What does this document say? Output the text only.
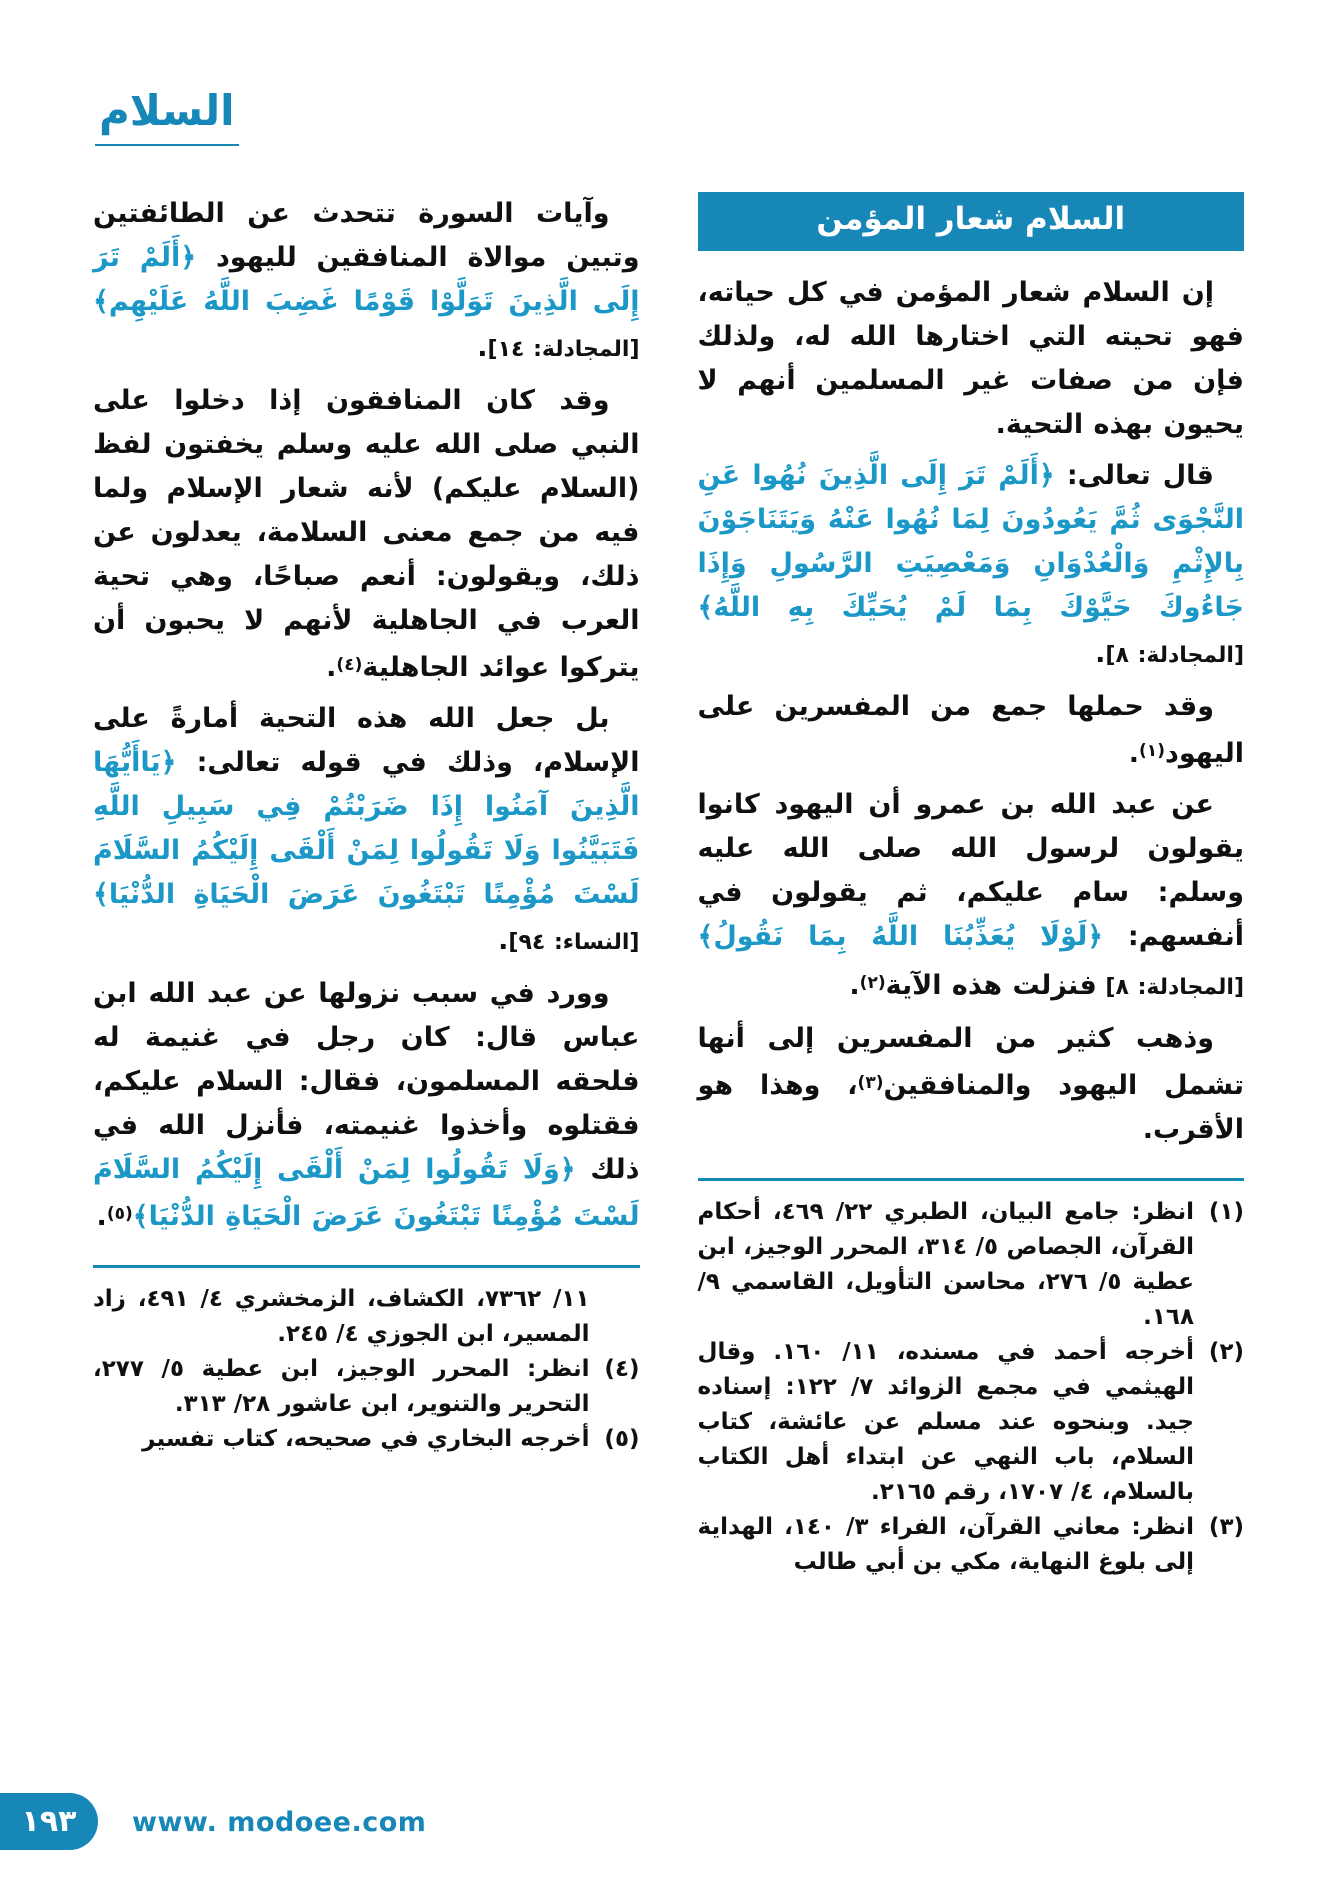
السلام
السلام شعار المؤمن

إن السلام شعار المؤمن في كل حياته، فهو تحيته التي اختارها الله له، ولذلك فإن من صفات غير المسلمين أنهم لا يحيون بهذه التحية.

قال تعالى: ﴿أَلَمْ تَرَ إِلَى الَّذِينَ نُهُوا عَنِ النَّجْوَى ثُمَّ يَعُودُونَ لِمَا نُهُوا عَنْهُ وَيَتَنَاجَوْنَ بِالإِثْمِ وَالْعُدْوَانِ وَمَعْصِيَتِ الرَّسُولِ وَإِذَا جَاءُوكَ حَيَّوْكَ بِمَا لَمْ يُحَيِّكَ بِهِ اللَّهُ﴾ [المجادلة: ٨].

وقد حملها جمع من المفسرين على اليهود$^{(١)}$.

عن عبد الله بن عمرو أن اليهود كانوا يقولون لرسول الله صلى الله عليه وسلم: سام عليكم، ثم يقولون في أنفسهم: ﴿لَوْلَا يُعَذِّبُنَا اللَّهُ بِمَا نَقُولُ﴾ [المجادلة: ٨] فنزلت هذه الآية$^{(٢)}$.

وذهب كثير من المفسرين إلى أنها تشمل اليهود والمنافقين$^{(٣)}$، وهذا هو الأقرب.

(١)
انظر: جامع البيان، الطبري ٢٢/ ٤٦٩، أحكام القرآن، الجصاص ٥/ ٣١٤، المحرر الوجيز، ابن عطية ٥/ ٢٧٦، محاسن التأويل، القاسمي ٩/ ١٦٨.
(٢)
أخرجه أحمد في مسنده، ١١/ ١٦٠. وقال الهيثمي في مجمع الزوائد ٧/ ١٢٢: إسناده جيد. وبنحوه عند مسلم عن عائشة، كتاب السلام، باب النهي عن ابتداء أهل الكتاب بالسلام، ٤/ ١٧٠٧، رقم ٢١٦٥.
(٣)
انظر: معاني القرآن، الفراء ٣/ ١٤٠، الهداية إلى بلوغ النهاية، مكي بن أبي طالب

وآيات السورة تتحدث عن الطائفتين وتبين موالاة المنافقين لليهود ﴿أَلَمْ تَرَ إِلَى الَّذِينَ تَوَلَّوْا قَوْمًا غَضِبَ اللَّهُ عَلَيْهِم﴾ [المجادلة: ١٤].

وقد كان المنافقون إذا دخلوا على النبي صلى الله عليه وسلم يخفتون لفظ (السلام عليكم) لأنه شعار الإسلام ولما فيه من جمع معنى السلامة، يعدلون عن ذلك، ويقولون: أنعم صباحًا، وهي تحية العرب في الجاهلية لأنهم لا يحبون أن يتركوا عوائد الجاهلية$^{(٤)}$.

بل جعل الله هذه التحية أمارةً على الإسلام، وذلك في قوله تعالى: ﴿يَاأَيُّهَا الَّذِينَ آمَنُوا إِذَا ضَرَبْتُمْ فِي سَبِيلِ اللَّهِ فَتَبَيَّنُوا وَلَا تَقُولُوا لِمَنْ أَلْقَى إِلَيْكُمُ السَّلَامَ لَسْتَ مُؤْمِنًا تَبْتَغُونَ عَرَضَ الْحَيَاةِ الدُّنْيَا﴾ [النساء: ٩٤].

وورد في سبب نزولها عن عبد الله ابن عباس قال: كان رجل في غنيمة له فلحقه المسلمون، فقال: السلام عليكم، فقتلوه وأخذوا غنيمته، فأنزل الله في ذلك ﴿وَلَا تَقُولُوا لِمَنْ أَلْقَى إِلَيْكُمُ السَّلَامَ لَسْتَ مُؤْمِنًا تَبْتَغُونَ عَرَضَ الْحَيَاةِ الدُّنْيَا﴾$^{(٥)}$.

١١/ ٧٣٦٢، الكشاف، الزمخشري ٤/ ٤٩١، زاد المسير، ابن الجوزي ٤/ ٢٤٥.
(٤)
انظر: المحرر الوجيز، ابن عطية ٥/ ٢٧٧، التحرير والتنوير، ابن عاشور ٢٨/ ٣١٣.
(٥)
أخرجه البخاري في صحيحه، كتاب تفسير
١٩٣ www. modoee.com
